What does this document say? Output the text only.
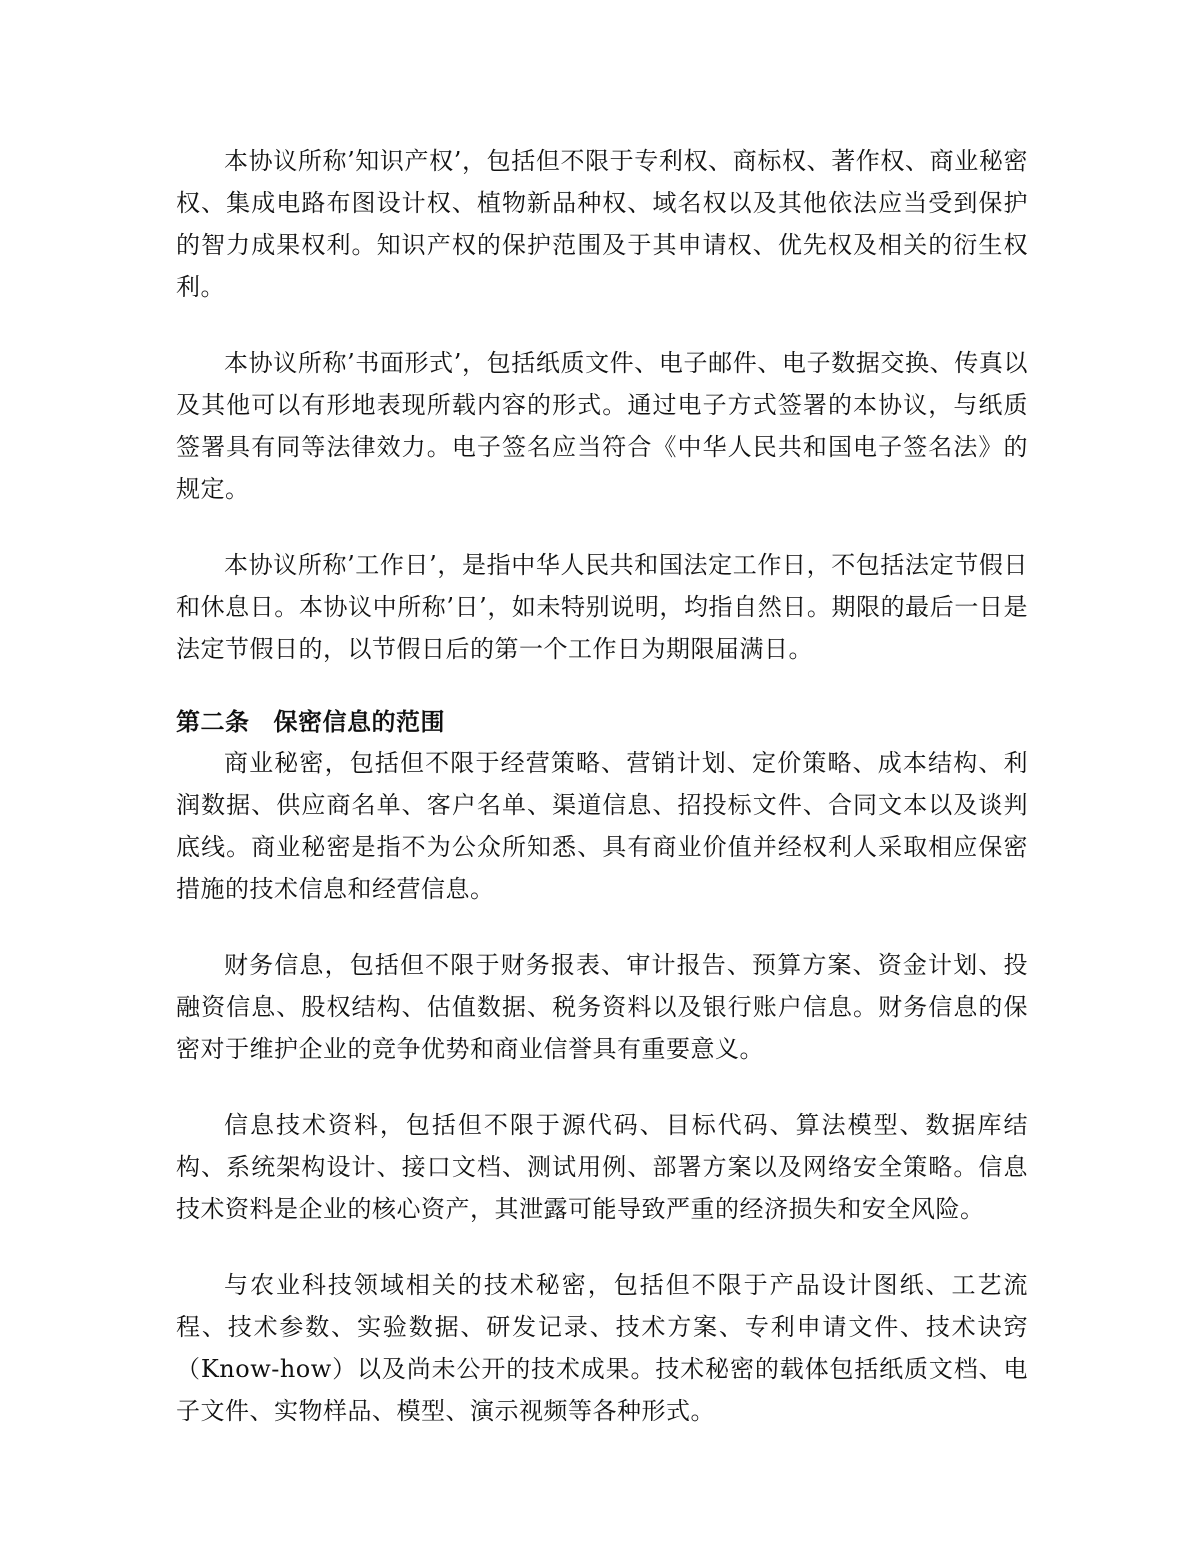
本协议所称’知识产权’，包括但不限于专利权、商标权、著作权、商业秘密权、集成电路布图设计权、植物新品种权、域名权以及其他依法应当受到保护的智力成果权利。知识产权的保护范围及于其申请权、优先权及相关的衍生权利。

本协议所称’书面形式’，包括纸质文件、电子邮件、电子数据交换、传真以及其他可以有形地表现所载内容的形式。通过电子方式签署的本协议，与纸质签署具有同等法律效力。电子签名应当符合《中华人民共和国电子签名法》的规定。

本协议所称’工作日’，是指中华人民共和国法定工作日，不包括法定节假日和休息日。本协议中所称’日’，如未特别说明，均指自然日。期限的最后一日是法定节假日的，以节假日后的第一个工作日为期限届满日。

第二条 保密信息的范围

商业秘密，包括但不限于经营策略、营销计划、定价策略、成本结构、利润数据、供应商名单、客户名单、渠道信息、招投标文件、合同文本以及谈判底线。商业秘密是指不为公众所知悉、具有商业价值并经权利人采取相应保密措施的技术信息和经营信息。

财务信息，包括但不限于财务报表、审计报告、预算方案、资金计划、投融资信息、股权结构、估值数据、税务资料以及银行账户信息。财务信息的保密对于维护企业的竞争优势和商业信誉具有重要意义。

信息技术资料，包括但不限于源代码、目标代码、算法模型、数据库结构、系统架构设计、接口文档、测试用例、部署方案以及网络安全策略。信息技术资料是企业的核心资产，其泄露可能导致严重的经济损失和安全风险。

与农业科技领域相关的技术秘密，包括但不限于产品设计图纸、工艺流程、技术参数、实验数据、研发记录、技术方案、专利申请文件、技术诀窍（Know-how）以及尚未公开的技术成果。技术秘密的载体包括纸质文档、电子文件、实物样品、模型、演示视频等各种形式。
